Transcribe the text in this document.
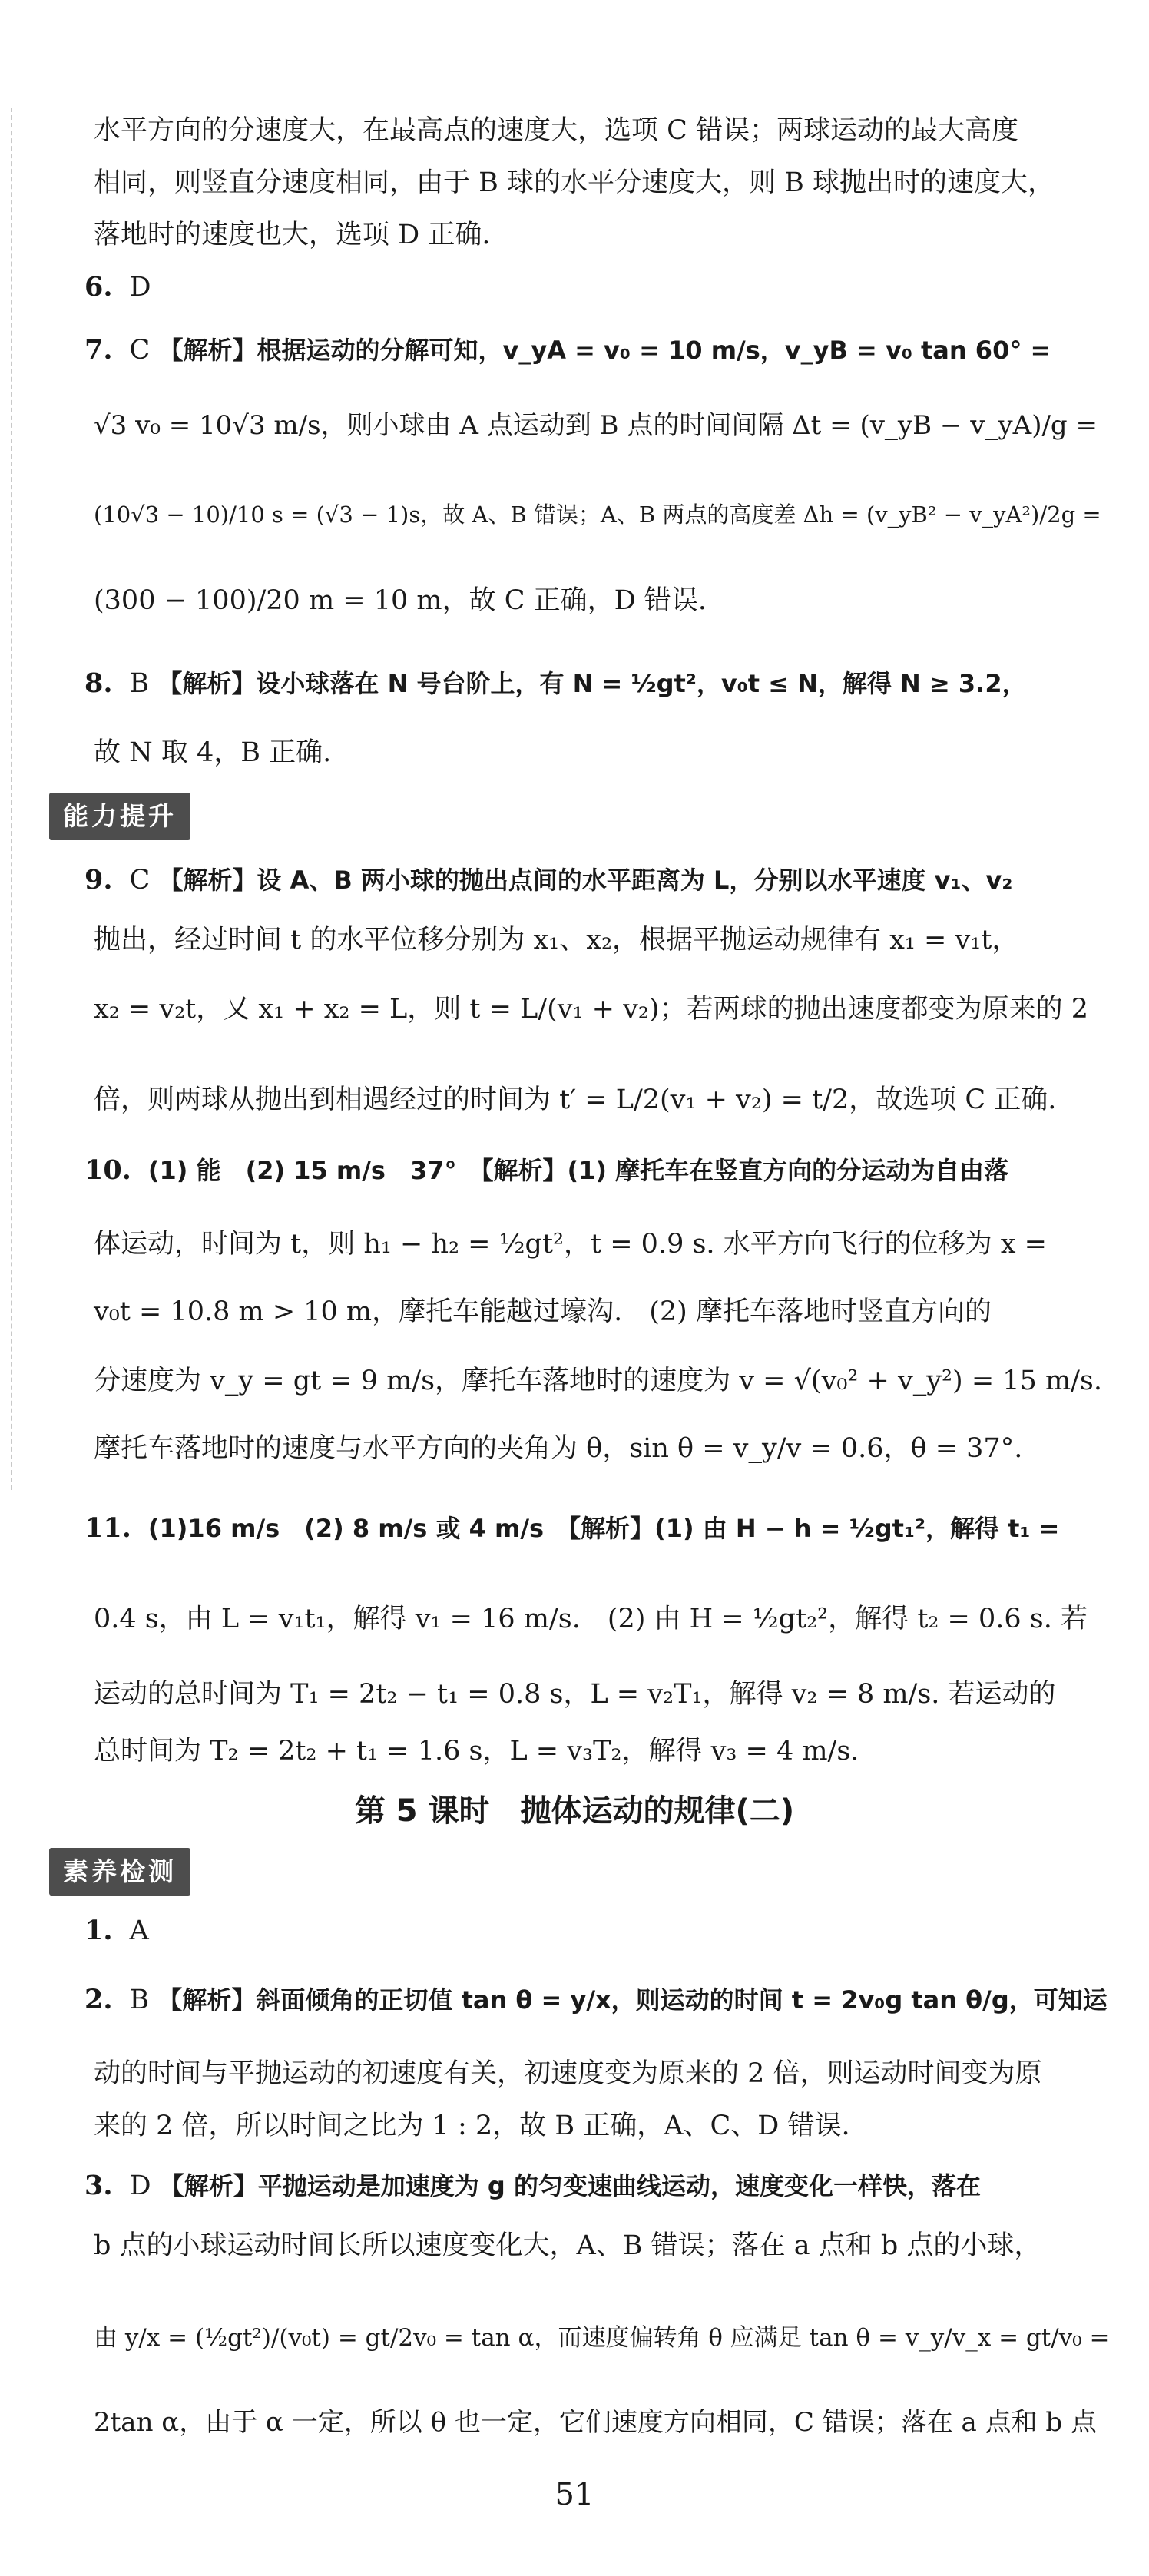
水平方向的分速度大，在最高点的速度大，选项 C 错误；两球运动的最大高度
相同，则竖直分速度相同，由于 B 球的水平分速度大，则 B 球抛出时的速度大，
落地时的速度也大，选项 D 正确.
6. D
7. C 【解析】根据运动的分解可知，v_yA = v₀ = 10 m/s，v_yB = v₀ tan 60° =
√3 v₀ = 10√3 m/s，则小球由 A 点运动到 B 点的时间间隔 Δt = (v_yB − v_yA)/g =
(10√3 − 10)/10 s = (√3 − 1)s，故 A、B 错误；A、B 两点的高度差 Δh = (v_yB² − v_yA²)/2g =
(300 − 100)/20 m = 10 m，故 C 正确，D 错误.
8. B 【解析】设小球落在 N 号台阶上，有 N = ½gt²，v₀t ≤ N，解得 N ≥ 3.2，
故 N 取 4，B 正确.
能力提升
9. C 【解析】设 A、B 两小球的抛出点间的水平距离为 L，分别以水平速度 v₁、v₂
抛出，经过时间 t 的水平位移分别为 x₁、x₂，根据平抛运动规律有 x₁ = v₁t，
x₂ = v₂t，又 x₁ + x₂ = L，则 t = L/(v₁ + v₂)；若两球的抛出速度都变为原来的 2
倍，则两球从抛出到相遇经过的时间为 t′ = L/2(v₁ + v₂) = t/2，故选项 C 正确.
10. (1) 能　(2) 15 m/s　37°　【解析】(1) 摩托车在竖直方向的分运动为自由落
体运动，时间为 t，则 h₁ − h₂ = ½gt²，t = 0.9 s. 水平方向飞行的位移为 x =
v₀t = 10.8 m > 10 m，摩托车能越过壕沟.　(2) 摩托车落地时竖直方向的
分速度为 v_y = gt = 9 m/s，摩托车落地时的速度为 v = √(v₀² + v_y²) = 15 m/s.
摩托车落地时的速度与水平方向的夹角为 θ，sin θ = v_y/v = 0.6，θ = 37°.
11. (1)16 m/s　(2) 8 m/s 或 4 m/s　【解析】(1) 由 H − h = ½gt₁²，解得 t₁ =
0.4 s，由 L = v₁t₁，解得 v₁ = 16 m/s.　(2) 由 H = ½gt₂²，解得 t₂ = 0.6 s. 若
运动的总时间为 T₁ = 2t₂ − t₁ = 0.8 s，L = v₂T₁，解得 v₂ = 8 m/s. 若运动的
总时间为 T₂ = 2t₂ + t₁ = 1.6 s，L = v₃T₂，解得 v₃ = 4 m/s.
第 5 课时　抛体运动的规律(二)
素养检测
1. A
2. B 【解析】斜面倾角的正切值 tan θ = y/x，则运动的时间 t = 2v₀g tan θ/g，可知运
动的时间与平抛运动的初速度有关，初速度变为原来的 2 倍，则运动时间变为原
来的 2 倍，所以时间之比为 1 : 2，故 B 正确，A、C、D 错误.
3. D 【解析】平抛运动是加速度为 g 的匀变速曲线运动，速度变化一样快，落在
b 点的小球运动时间长所以速度变化大，A、B 错误；落在 a 点和 b 点的小球，
由 y/x = (½gt²)/(v₀t) = gt/2v₀ = tan α，而速度偏转角 θ 应满足 tan θ = v_y/v_x = gt/v₀ =
2tan α，由于 α 一定，所以 θ 也一定，它们速度方向相同，C 错误；落在 a 点和 b 点
51
